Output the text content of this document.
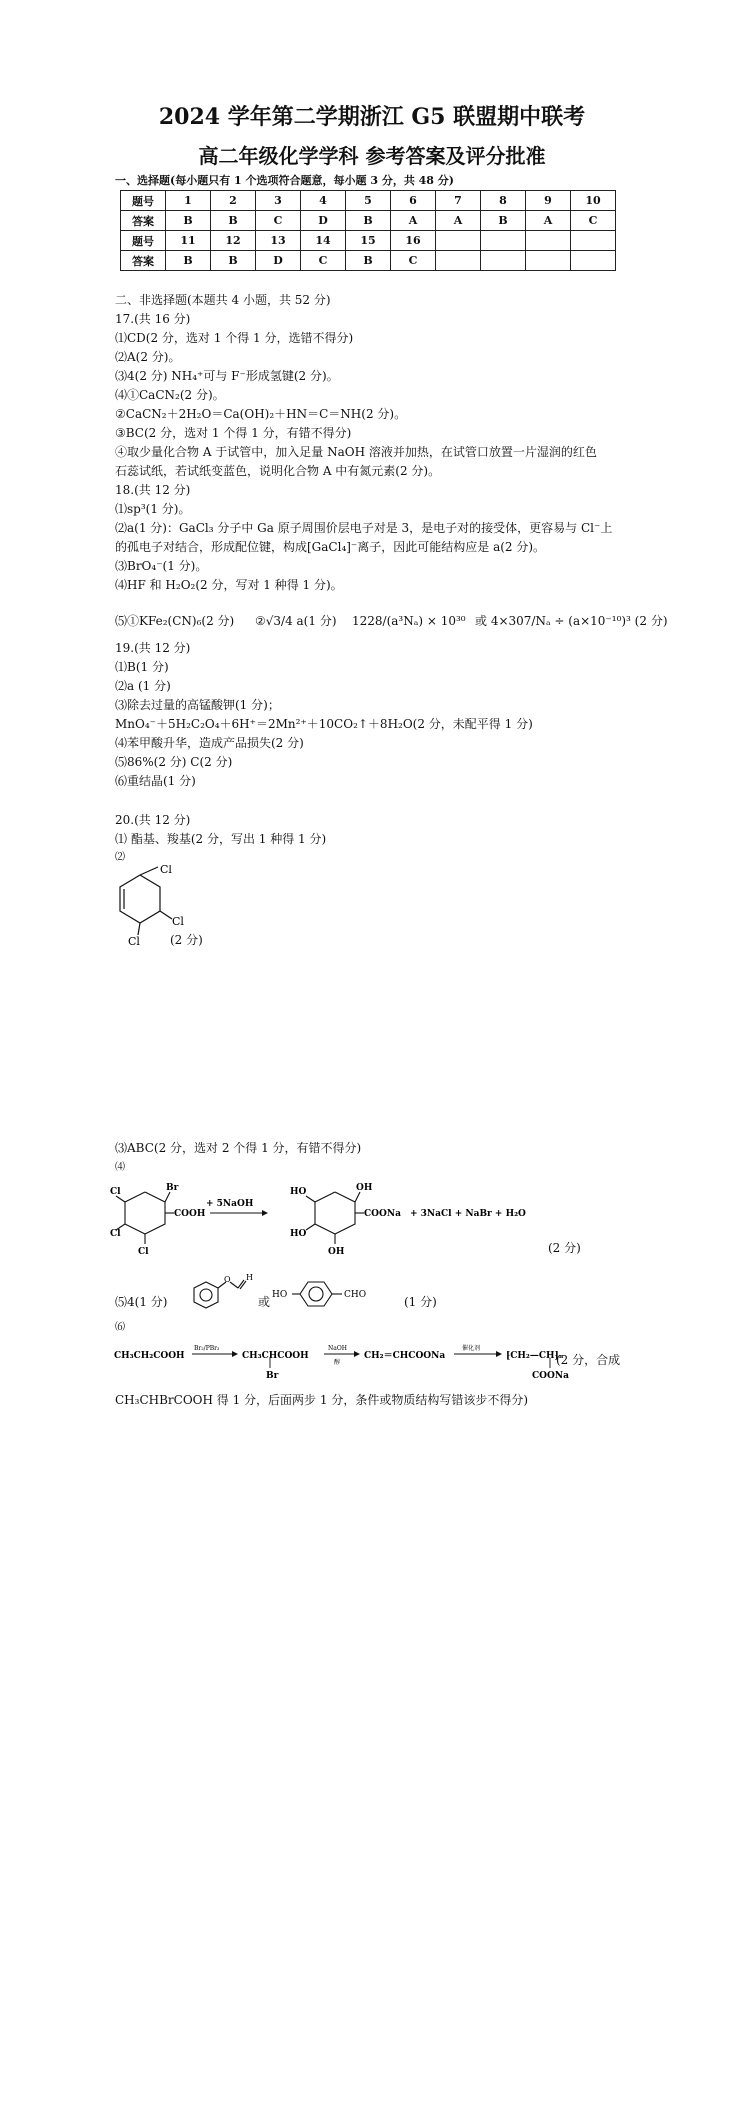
2024 学年第二学期浙江 G5 联盟期中联考
高二年级化学学科 参考答案及评分批准
一、选择题(每小题只有 1 个选项符合题意，每小题 3 分，共 48 分)
题号	1	2	3	4	5	6	7	8	9	10
答案	B	B	C	D	B	A	A	B	A	C
题号	11	12	13	14	15	16				
答案	B	B	D	C	B	C				
二、非选择题(本题共 4 小题，共 52 分)
17.(共 16 分)
⑴CD(2 分，选对 1 个得 1 分，选错不得分)
⑵A(2 分)。
⑶4(2 分) NH₄⁺可与 F⁻形成氢键(2 分)。
⑷①CaCN₂(2 分)。
②CaCN₂＋2H₂O＝Ca(OH)₂＋HN＝C＝NH(2 分)。
③BC(2 分，选对 1 个得 1 分，有错不得分)
④取少量化合物 A 于试管中，加入足量 NaOH 溶液并加热，在试管口放置一片湿润的红色
石蕊试纸，若试纸变蓝色，说明化合物 A 中有氮元素(2 分)。
18.(共 12 分)
⑴sp³(1 分)。
⑵a(1 分)：GaCl₃ 分子中 Ga 原子周围价层电子对是 3，是电子对的接受体，更容易与 Cl⁻上
的孤电子对结合，形成配位键，构成[GaCl₄]⁻离子，因此可能结构应是 a(2 分)。
⑶BrO₄⁻(1 分)。
⑷HF 和 H₂O₂(2 分，写对 1 种得 1 分)。
⑸①KFe₂(CN)₆(2 分) ②√3/4 a(1 分) 1228/(a³Nₐ) × 10³⁰ 或 4×307/Nₐ ÷ (a×10⁻¹⁰)³ (2 分)
19.(共 12 分)
⑴B(1 分)
⑵a (1 分)
⑶除去过量的高锰酸钾(1 分)；
MnO₄⁻＋5H₂C₂O₄＋6H⁺＝2Mn²⁺＋10CO₂↑＋8H₂O(2 分，未配平得 1 分)
⑷苯甲酸升华，造成产品损失(2 分)
⑸86%(2 分) C(2 分)
⑹重结晶(1 分)
20.(共 12 分)
⑴ 酯基、羧基(2 分，写出 1 种得 1 分)
⑵
Cl
Cl
Cl	(2 分)
⑶ABC(2 分，选对 2 个得 1 分，有错不得分)
⑷
Cl
Cl
Cl
Br
COOH
+ 5NaOH
HO
HO
OH
OH
COONa + 3NaCl + NaBr + H₂O
(2 分)
⑸4(1 分)
O H
或 HO	CHO	(1 分)
⑹
CH₃CH₂COOH
Br₂/PBr₃
CH₃CHCOOH
Br
NaOH
醇
CH₂＝CHCOONa
催化剂
⁅CH₂—CH⁆ₙ
COONa
(2 分，合成
CH₃CHBrCOOH 得 1 分，后面两步 1 分，条件或物质结构写错该步不得分)
